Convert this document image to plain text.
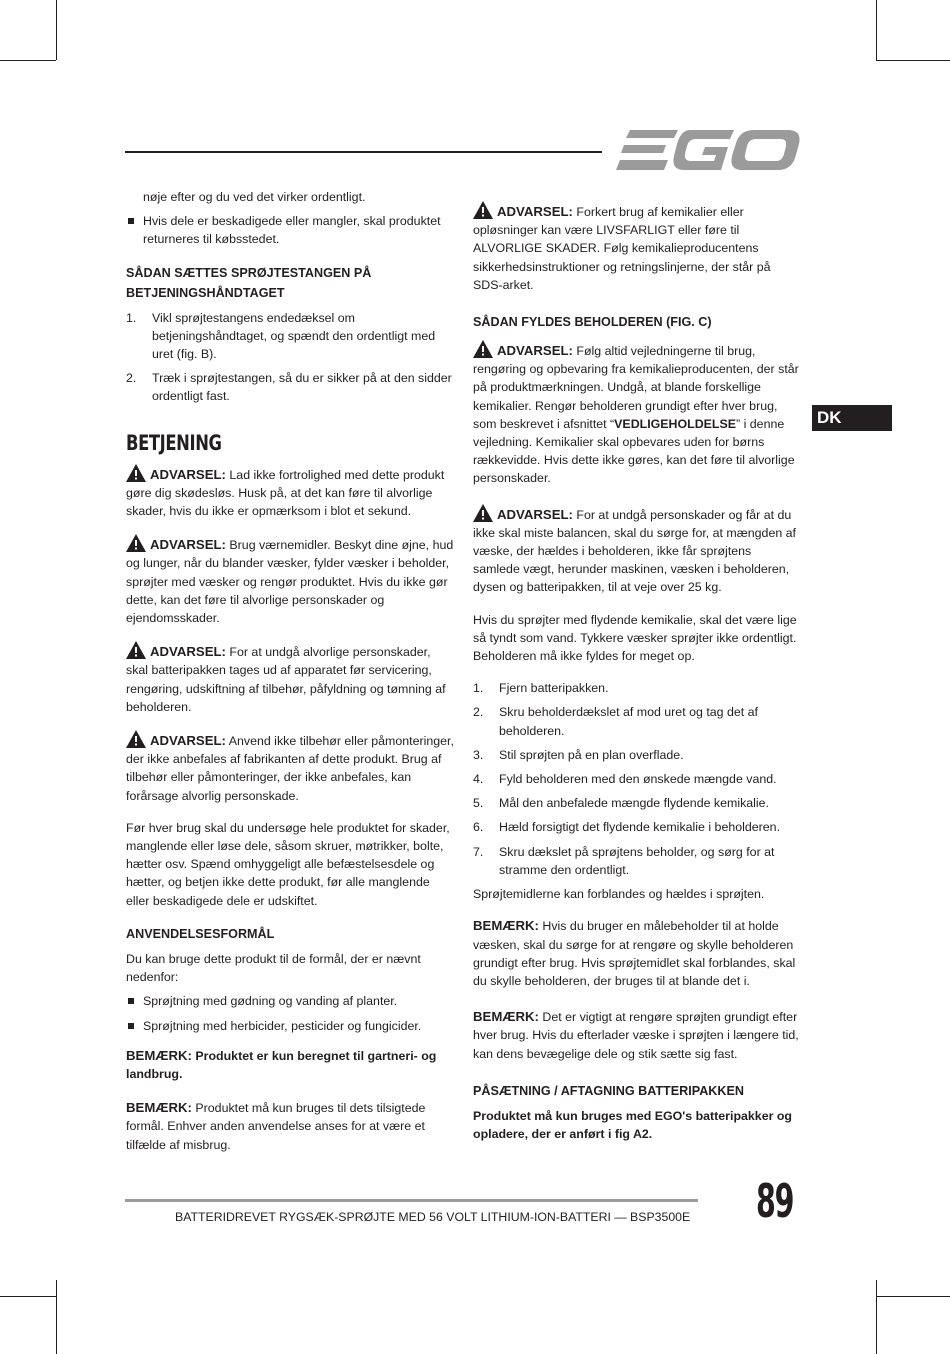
DK

nøje efter og du ved det virker ordentligt.

Hvis dele er beskadigede eller mangler, skal produktet returneres til købsstedet.
SÅDAN SÆTTES SPRØJTESTANGEN PÅ BETJENINGSHÅNDTAGET
1. Vikl sprøjtestangens endedæksel om betjeningshåndtaget, og spændt den ordentligt med uret (fig. B).
2. Træk i sprøjtestangen, så du er sikker på at den sidder ordentligt fast.
BETJENING

ADVARSEL: Lad ikke fortrolighed med dette produkt gøre dig skødesløs. Husk på, at det kan føre til alvorlige skader, hvis du ikke er opmærksom i blot et sekund.

ADVARSEL: Brug værnemidler. Beskyt dine øjne, hud og lunger, når du blander væsker, fylder væsker i beholder, sprøjter med væsker og rengør produktet. Hvis du ikke gør dette, kan det føre til alvorlige personskader og ejendomsskader.

ADVARSEL: For at undgå alvorlige personskader, skal batteripakken tages ud af apparatet før servicering, rengøring, udskiftning af tilbehør, påfyldning og tømning af beholderen.

ADVARSEL: Anvend ikke tilbehør eller påmonteringer, der ikke anbefales af fabrikanten af dette produkt. Brug af tilbehør eller påmonteringer, der ikke anbefales, kan forårsage alvorlig personskade.

Før hver brug skal du undersøge hele produktet for skader, manglende eller løse dele, såsom skruer, møtrikker, bolte, hætter osv. Spænd omhyggeligt alle befæstelsesdele og hætter, og betjen ikke dette produkt, før alle manglende eller beskadigede dele er udskiftet.

ANVENDELSESFORMÅL

Du kan bruge dette produkt til de formål, der er nævnt nedenfor:

Sprøjtning med gødning og vanding af planter.
Sprøjtning med herbicider, pesticider og fungicider.

BEMÆRK: Produktet er kun beregnet til gartneri- og landbrug.

BEMÆRK: Produktet må kun bruges til dets tilsigtede formål. Enhver anden anvendelse anses for at være et tilfælde af misbrug.

ADVARSEL: Forkert brug af kemikalier eller opløsninger kan være LIVSFARLIGT eller føre til ALVORLIGE SKADER. Følg kemikalieproducentens sikkerhedsinstruktioner og retningslinjerne, der står på SDS-arket.

SÅDAN FYLDES BEHOLDEREN (FIG. C)

ADVARSEL: Følg altid vejledningerne til brug, rengøring og opbevaring fra kemikalieproducenten, der står på produktmærkningen. Undgå, at blande forskellige kemikalier. Rengør beholderen grundigt efter hver brug, som beskrevet i afsnittet “VEDLIGEHOLDELSE” i denne vejledning. Kemikalier skal opbevares uden for børns rækkevidde. Hvis dette ikke gøres, kan det føre til alvorlige personskader.

ADVARSEL: For at undgå personskader og får at du ikke skal miste balancen, skal du sørge for, at mængden af væske, der hældes i beholderen, ikke får sprøjtens samlede vægt, herunder maskinen, væsken i beholderen, dysen og batteripakken, til at veje over 25 kg.

Hvis du sprøjter med flydende kemikalie, skal det være lige så tyndt som vand. Tykkere væsker sprøjter ikke ordentligt. Beholderen må ikke fyldes for meget op.

1. Fjern batteripakken.
2. Skru beholderdækslet af mod uret og tag det af beholderen.
3. Stil sprøjten på en plan overflade.
4. Fyld beholderen med den ønskede mængde vand.
5. Mål den anbefalede mængde flydende kemikalie.
6. Hæld forsigtigt det flydende kemikalie i beholderen.
7. Skru dækslet på sprøjtens beholder, og sørg for at stramme den ordentligt.

Sprøjtemidlerne kan forblandes og hældes i sprøjten.

BEMÆRK: Hvis du bruger en målebeholder til at holde væsken, skal du sørge for at rengøre og skylle beholderen grundigt efter brug. Hvis sprøjtemidlet skal forblandes, skal du skylle beholderen, der bruges til at blande det i.

BEMÆRK: Det er vigtigt at rengøre sprøjten grundigt efter hver brug. Hvis du efterlader væske i sprøjten i længere tid, kan dens bevægelige dele og stik sætte sig fast.

PÅSÆTNING / AFTAGNING BATTERIPAKKEN

Produktet må kun bruges med EGO's batteripakker og opladere, der er anført i fig A2.

BATTERIDREVET RYGSÆK-SPRØJTE MED 56 VOLT LITHIUM-ION-BATTERI — BSP3500E 89
